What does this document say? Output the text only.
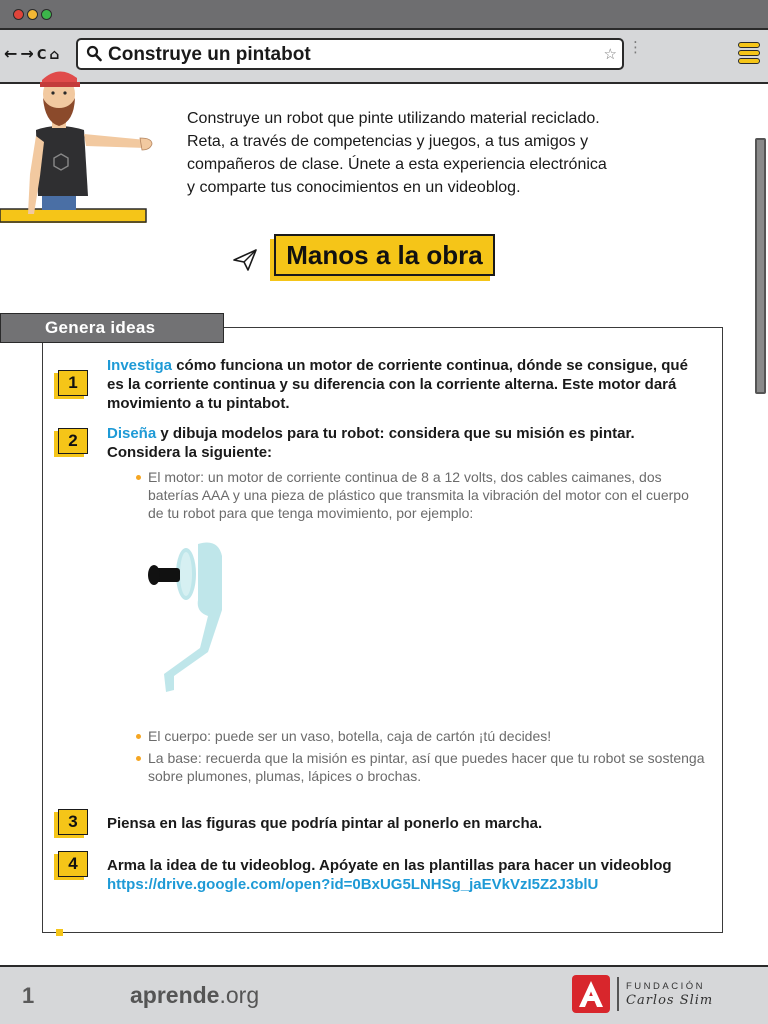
← → C ⌂	Construye un pintabot	☆ ⋮

Construye un robot que pinte utilizando material reciclado. Reta, a través de competencias y juegos, a tus amigos y compañeros de clase. Únete a esta experiencia electrónica y comparte tus conocimientos en un videoblog.

Manos a la obra
Genera ideas
1

Investiga cómo funciona un motor de corriente continua, dónde se consigue, qué es la corriente continua y su diferencia con la corriente alterna. Este motor dará movimiento a tu pintabot.

2	Diseña y dibuja modelos para tu robot: considera que su misión es pintar. Considera la siguiente:

El motor: un motor de corriente continua de 8 a 12 volts, dos cables caimanes, dos baterías AAA y una pieza de plástico que transmita la vibración del motor con el cuerpo de tu robot para que tenga movimiento, por ejemplo:
El cuerpo: puede ser un vaso, botella, caja de cartón ¡tú decides!
La base: recuerda que la misión es pintar, así que puedes hacer que tu robot se sostenga sobre plumones, plumas, lápices o brochas.
3	Piensa en las figuras que podría pintar al ponerlo en marcha.

4	Arma la idea de tu videoblog. Apóyate en las plantillas para hacer un videoblog
https://drive.google.com/open?id=0BxUG5LNHSg_jaEVkVzI5Z2J3blU

1	aprende.org	FUNDACIÓN
Carlos Slim
